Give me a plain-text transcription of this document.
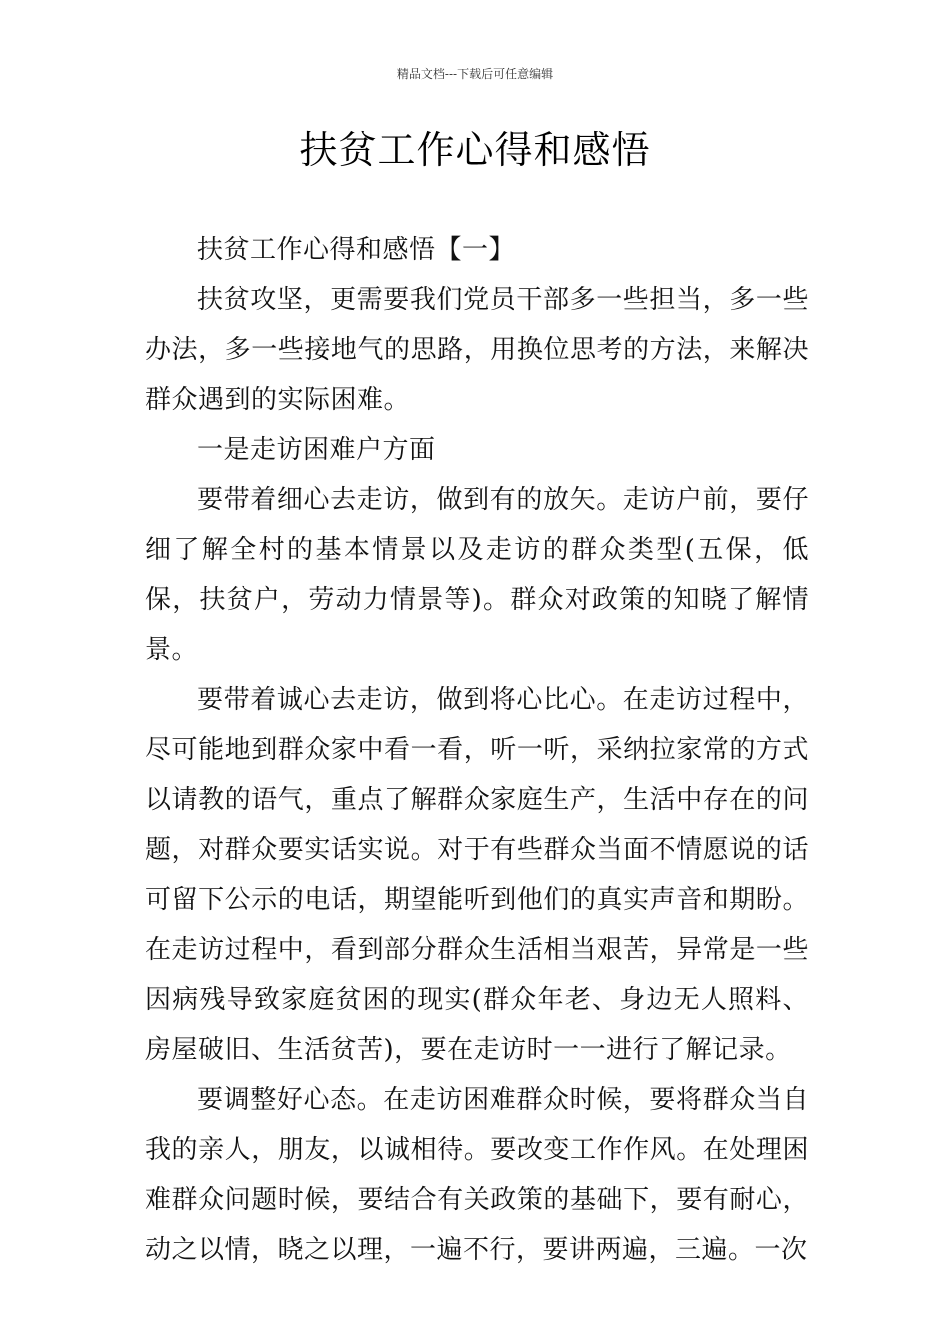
精品文档---下载后可任意编辑
扶贫工作心得和感悟

扶贫工作心得和感悟【一】

扶贫攻坚，更需要我们党员干部多一些担当，多一些办法，多一些接地气的思路，用换位思考的方法，来解决群众遇到的实际困难。

一是走访困难户方面

要带着细心去走访，做到有的放矢。走访户前，要仔细了解全村的基本情景以及走访的群众类型(五保，低保，扶贫户，劳动力情景等)。群众对政策的知晓了解情景。

要带着诚心去走访，做到将心比心。在走访过程中，尽可能地到群众家中看一看，听一听，采纳拉家常的方式以请教的语气，重点了解群众家庭生产，生活中存在的问题，对群众要实话实说。对于有些群众当面不情愿说的话可留下公示的电话，期望能听到他们的真实声音和期盼。在走访过程中，看到部分群众生活相当艰苦，异常是一些因病残导致家庭贫困的现实(群众年老、身边无人照料、房屋破旧、生活贫苦)，要在走访时一一进行了解记录。

要调整好心态。在走访困难群众时候，要将群众当自我的亲人，朋友，以诚相待。要改变工作作风。在处理困难群众问题时候，要结合有关政策的基础下，要有耐心，动之以情，晓之以理，一遍不行，要讲两遍，三遍。一次
